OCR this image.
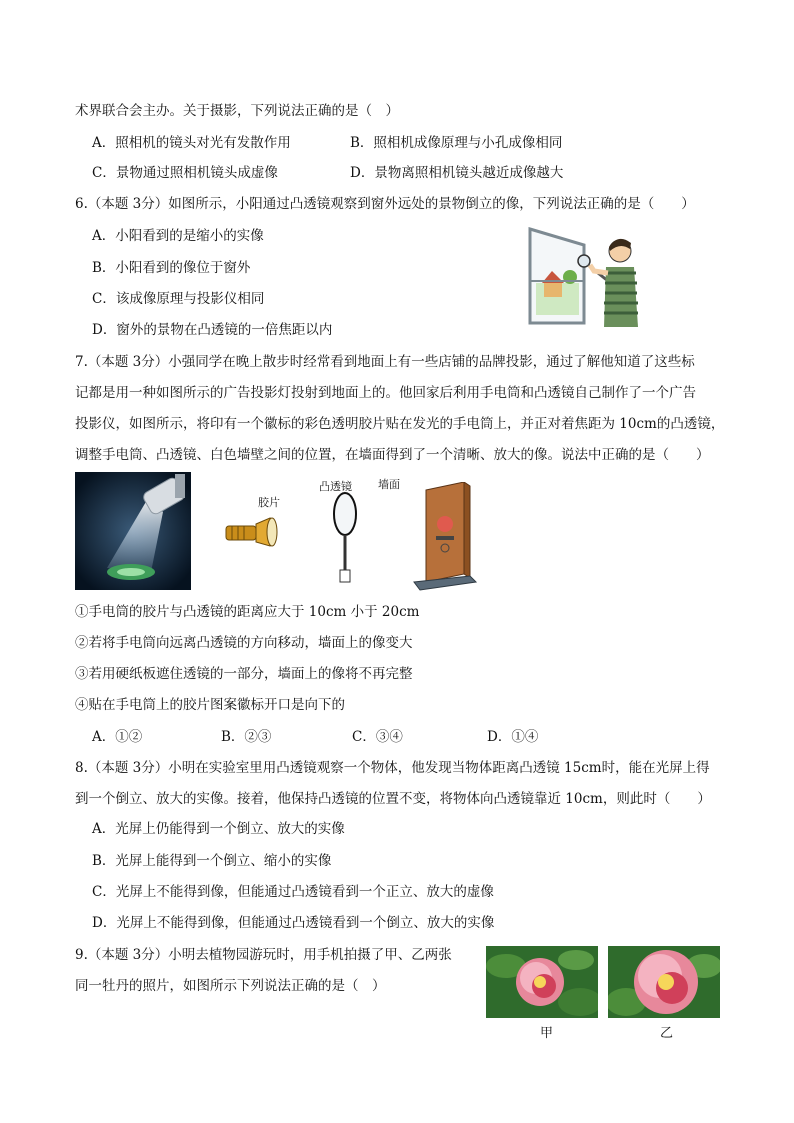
术界联合会主办。关于摄影，下列说法正确的是（　）
A．照相机的镜头对光有发散作用	B．照相机成像原理与小孔成像相同
C．景物通过照相机镜头成虚像	D．景物离照相机镜头越近成像越大
6.（本题 3分）如图所示，小阳通过凸透镜观察到窗外远处的景物倒立的像，下列说法正确的是（　　）
A．小阳看到的是缩小的实像
B．小阳看到的像位于窗外
C．该成像原理与投影仪相同
D．窗外的景物在凸透镜的一倍焦距以内
7.（本题 3分）小强同学在晚上散步时经常看到地面上有一些店铺的品牌投影，通过了解他知道了这些标
记都是用一种如图所示的广告投影灯投射到地面上的。他回家后利用手电筒和凸透镜自己制作了一个广告
投影仪，如图所示，将印有一个徽标的彩色透明胶片贴在发光的手电筒上，并正对着焦距为 10cm的凸透镜，
调整手电筒、凸透镜、白色墙壁之间的位置，在墙面得到了一个清晰、放大的像。说法中正确的是（　　）
胶片
凸透镜 墙面
①手电筒的胶片与凸透镜的距离应大于 10cm 小于 20cm
②若将手电筒向远离凸透镜的方向移动，墙面上的像变大
③若用硬纸板遮住透镜的一部分，墙面上的像将不再完整
④贴在手电筒上的胶片图案徽标开口是向下的
A．①②	B．②③	C．③④	D．①④
8.（本题 3分）小明在实验室里用凸透镜观察一个物体，他发现当物体距离凸透镜 15cm时，能在光屏上得
到一个倒立、放大的实像。接着，他保持凸透镜的位置不变，将物体向凸透镜靠近 10cm，则此时（　　）
A．光屏上仍能得到一个倒立、放大的实像
B．光屏上能得到一个倒立、缩小的实像
C．光屏上不能得到像，但能通过凸透镜看到一个正立、放大的虚像
D．光屏上不能得到像，但能通过凸透镜看到一个倒立、放大的实像
9.（本题 3分）小明去植物园游玩时，用手机拍摄了甲、乙两张
同一牡丹的照片，如图所示下列说法正确的是（　）
甲	乙
